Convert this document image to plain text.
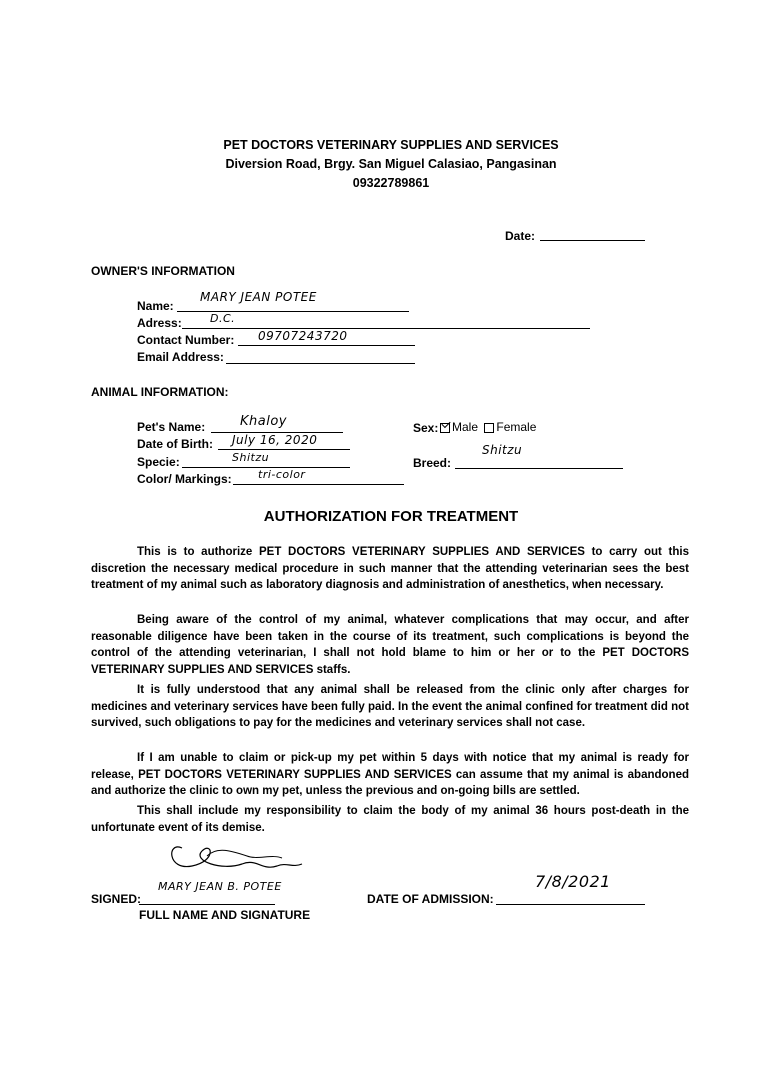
PET DOCTORS VETERINARY SUPPLIES AND SERVICES
Diversion Road, Brgy. San Miguel Calasiao, Pangasinan
09322789861
Date:
OWNER'S INFORMATION
Name:
MARY JEAN POTEE
Adress:	D.C.
Contact Number: 09707243720
Email Address:
ANIMAL INFORMATION:
Pet's Name:	Khaloy
Date of Birth: July 16, 2020
Specie:	Shitzu
Color/ Markings: tri-color
Sex:	Male Female
Breed:
Shitzu
AUTHORIZATION FOR TREATMENT

This is to authorize PET DOCTORS VETERINARY SUPPLIES AND SERVICES to carry out this discretion the necessary medical procedure in such manner that the attending veterinarian sees the best treatment of my animal such as laboratory diagnosis and administration of anesthetics, when necessary.

Being aware of the control of my animal, whatever complications that may occur, and after reasonable diligence have been taken in the course of its treatment, such complications is beyond the control of the attending veterinarian, I shall not hold blame to him or her or to the PET DOCTORS VETERINARY SUPPLIES AND SERVICES staffs.

It is fully understood that any animal shall be released from the clinic only after charges for medicines and veterinary services have been fully paid. In the event the animal confined for treatment did not survived, such obligations to pay for the medicines and veterinary services shall not case.

If I am unable to claim or pick-up my pet within 5 days with notice that my animal is ready for release, PET DOCTORS VETERINARY SUPPLIES AND SERVICES can assume that my animal is abandoned and authorize the clinic to own my pet, unless the previous and on-going bills are settled.

This shall include my responsibility to claim the body of my animal 36 hours post-death in the unfortunate event of its demise.

SIGNED:
MARY JEAN B. POTEE
FULL NAME AND SIGNATURE
DATE OF ADMISSION:
7/8/2021
